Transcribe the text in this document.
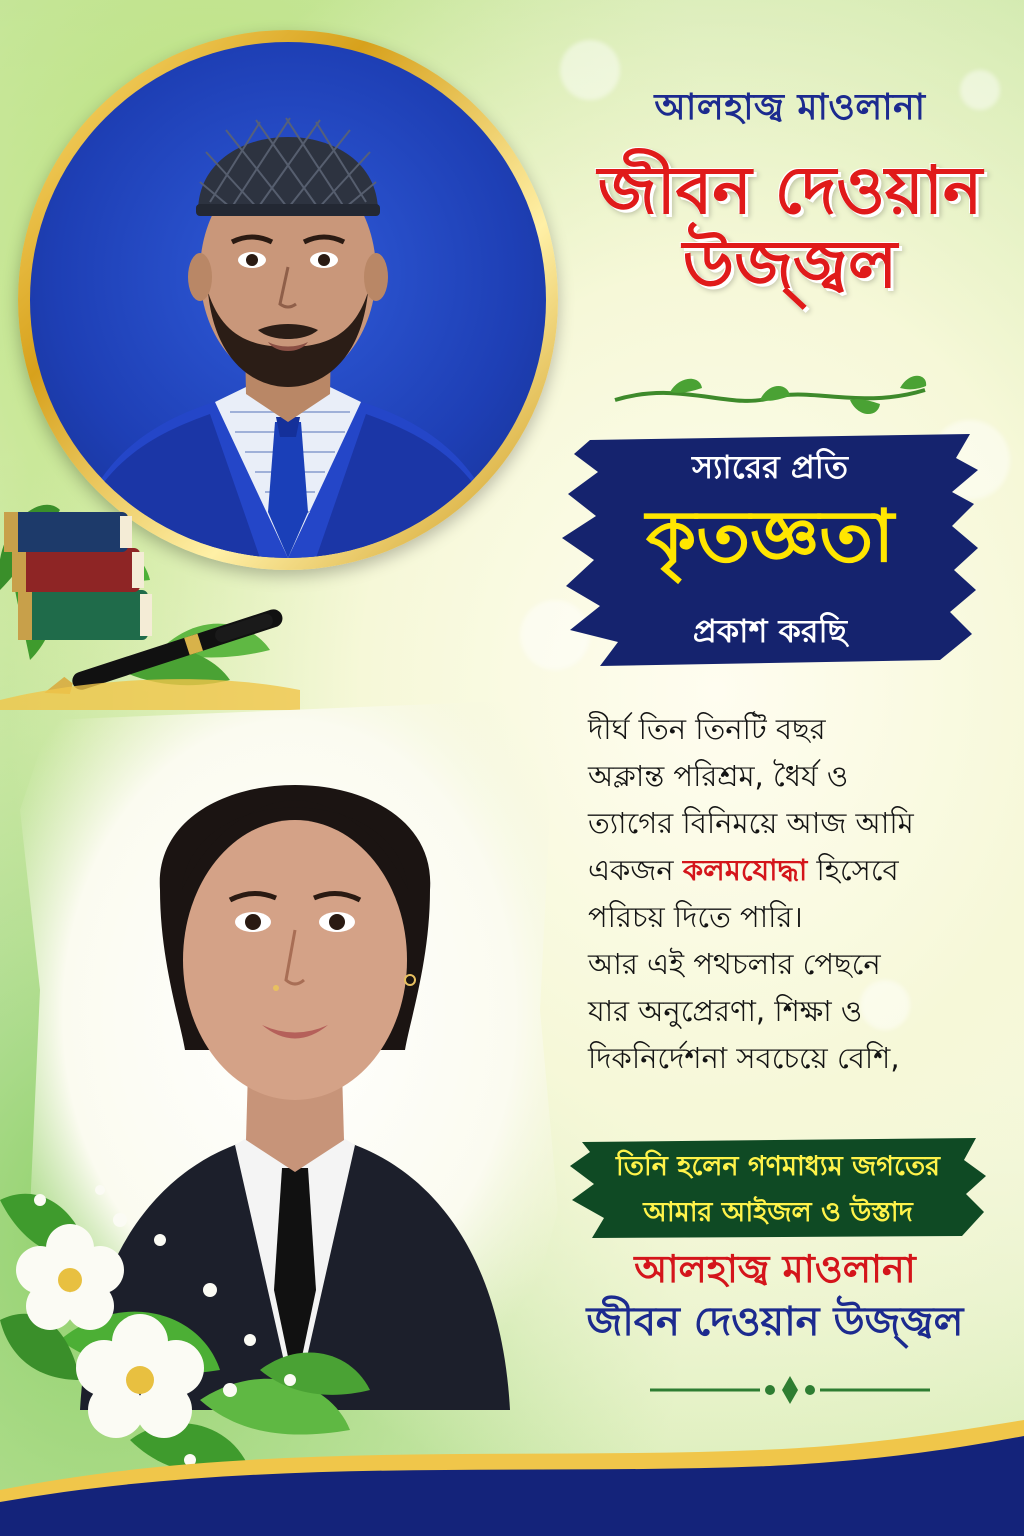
আলহাজ্ব মাওলানা
জীবন দেওয়ান
উজ্জ্বল
স্যারের প্রতি
কৃতজ্ঞতা
প্রকাশ করছি
দীর্ঘ তিন তিনটি বছর
অক্লান্ত পরিশ্রম, ধৈর্য ও
ত্যাগের বিনিময়ে আজ আমি
একজন কলমযোদ্ধা হিসেবে
পরিচয় দিতে পারি।
আর এই পথচলার পেছনে
যার অনুপ্রেরণা, শিক্ষা ও
দিকনির্দেশনা সবচেয়ে বেশি,
তিনি হলেন গণমাধ্যম জগতের
আমার আইজল ও উস্তাদ
আলহাজ্ব মাওলানা
জীবন দেওয়ান উজ্জ্বল
